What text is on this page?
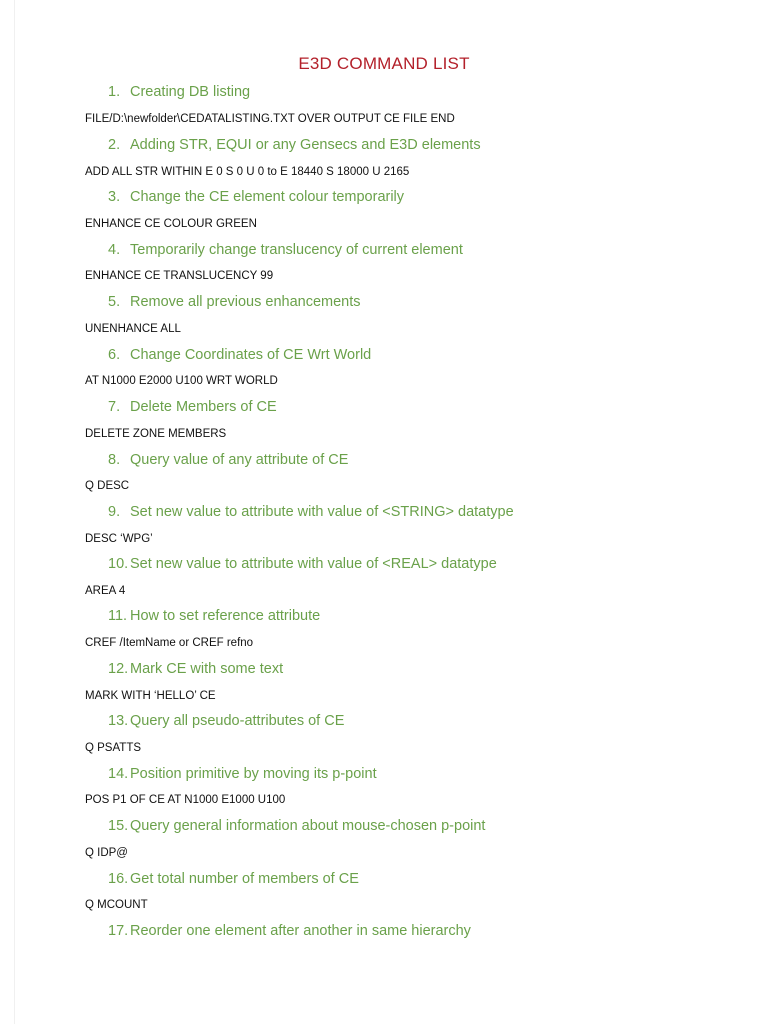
E3D COMMAND LIST
1. Creating DB listing
FILE/D:\newfolder\CEDATALISTING.TXT OVER OUTPUT CE FILE END
2. Adding STR, EQUI or any Gensecs and E3D elements
ADD ALL STR WITHIN E 0 S 0 U 0 to E 18440 S 18000 U 2165
3. Change the CE element colour temporarily
ENHANCE CE COLOUR GREEN
4. Temporarily change translucency of current element
ENHANCE CE TRANSLUCENCY 99
5. Remove all previous enhancements
UNENHANCE ALL
6. Change Coordinates of CE Wrt World
AT N1000 E2000 U100 WRT WORLD
7. Delete Members of CE
DELETE ZONE MEMBERS
8. Query value of any attribute of CE
Q DESC
9. Set new value to attribute with value of <STRING> datatype
DESC ‘WPG’
10. Set new value to attribute with value of <REAL> datatype
AREA 4
11. How to set reference attribute
CREF /ItemName or CREF refno
12. Mark CE with some text
MARK WITH ‘HELLO’ CE
13. Query all pseudo-attributes of CE
Q PSATTS
14. Position primitive by moving its p-point
POS P1 OF CE AT N1000 E1000 U100
15. Query general information about mouse-chosen p-point
Q IDP@
16. Get total number of members of CE
Q MCOUNT
17. Reorder one element after another in same hierarchy
